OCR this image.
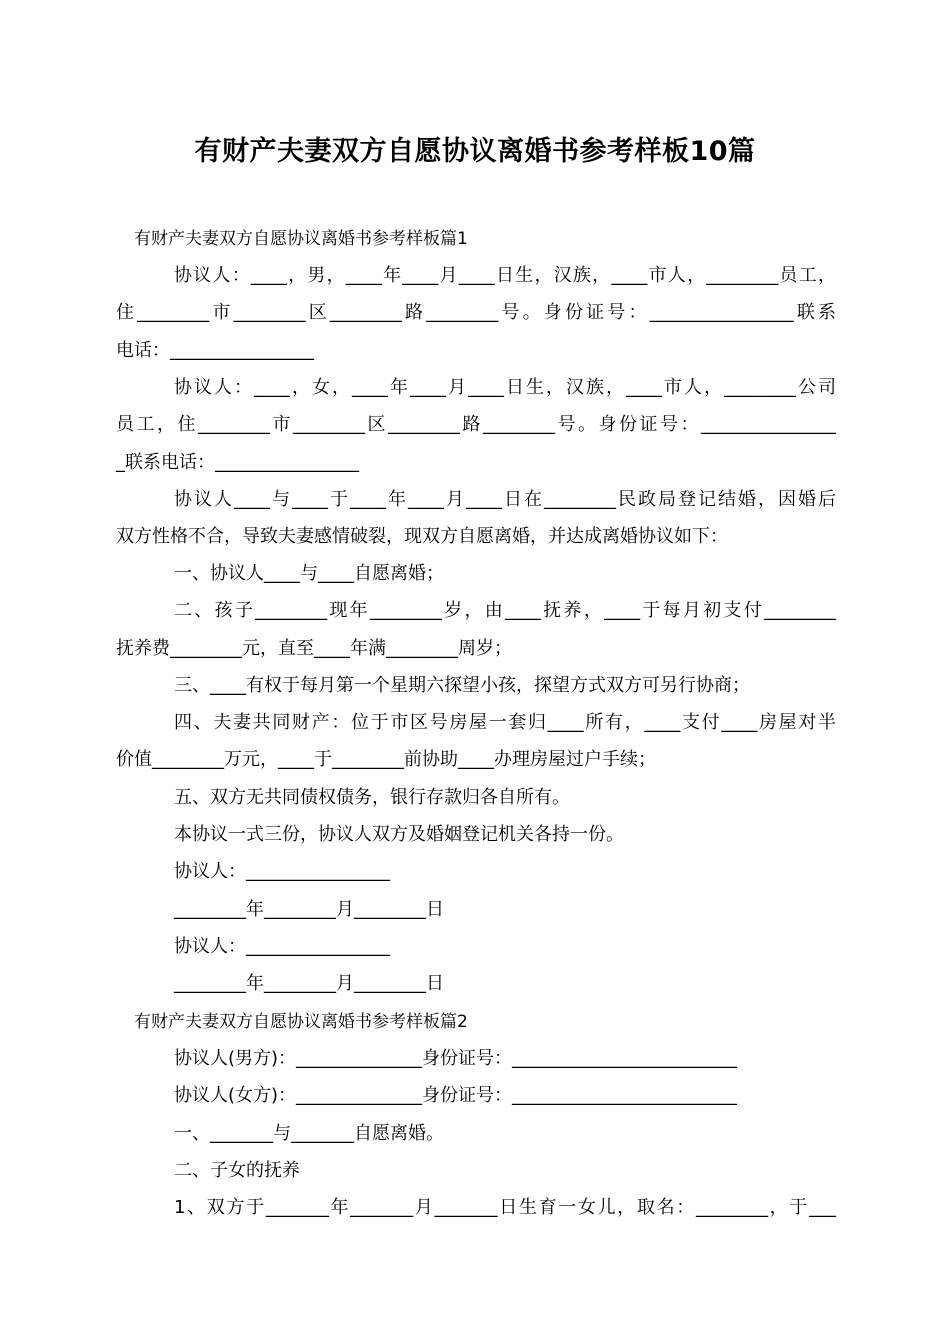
有财产夫妻双方自愿协议离婚书参考样板10篇
有财产夫妻双方自愿协议离婚书参考样板篇1
协议人：____，男，____年____月____日生，汉族，____市人，________员工，
住________市________区________路________号。身份证号：________________联系
电话：________________
协议人：____，女，____年____月____日生，汉族，____市人，________公司
员工，住________市________区________路________号。身份证号：_______________
_联系电话：________________
协议人____与____于____年____月____日在________民政局登记结婚，因婚后
双方性格不合，导致夫妻感情破裂，现双方自愿离婚，并达成离婚协议如下：
一、协议人____与____自愿离婚；
二、孩子________现年________岁，由____抚养，____于每月初支付________
抚养费________元，直至____年满________周岁；
三、____有权于每月第一个星期六探望小孩，探望方式双方可另行协商；
四、夫妻共同财产：位于市区号房屋一套归____所有，____支付____房屋对半
价值________万元，____于________前协助____办理房屋过户手续；
五、双方无共同债权债务，银行存款归各自所有。
本协议一式三份，协议人双方及婚姻登记机关各持一份。
协议人：________________
________年________月________日
协议人：________________
________年________月________日
有财产夫妻双方自愿协议离婚书参考样板篇2
协议人(男方)：______________身份证号：_________________________
协议人(女方)：______________身份证号：_________________________
一、_______与_______自愿离婚。
二、子女的抚养
1、双方于_______年_______月_______日生育一女儿，取名：________，于___
